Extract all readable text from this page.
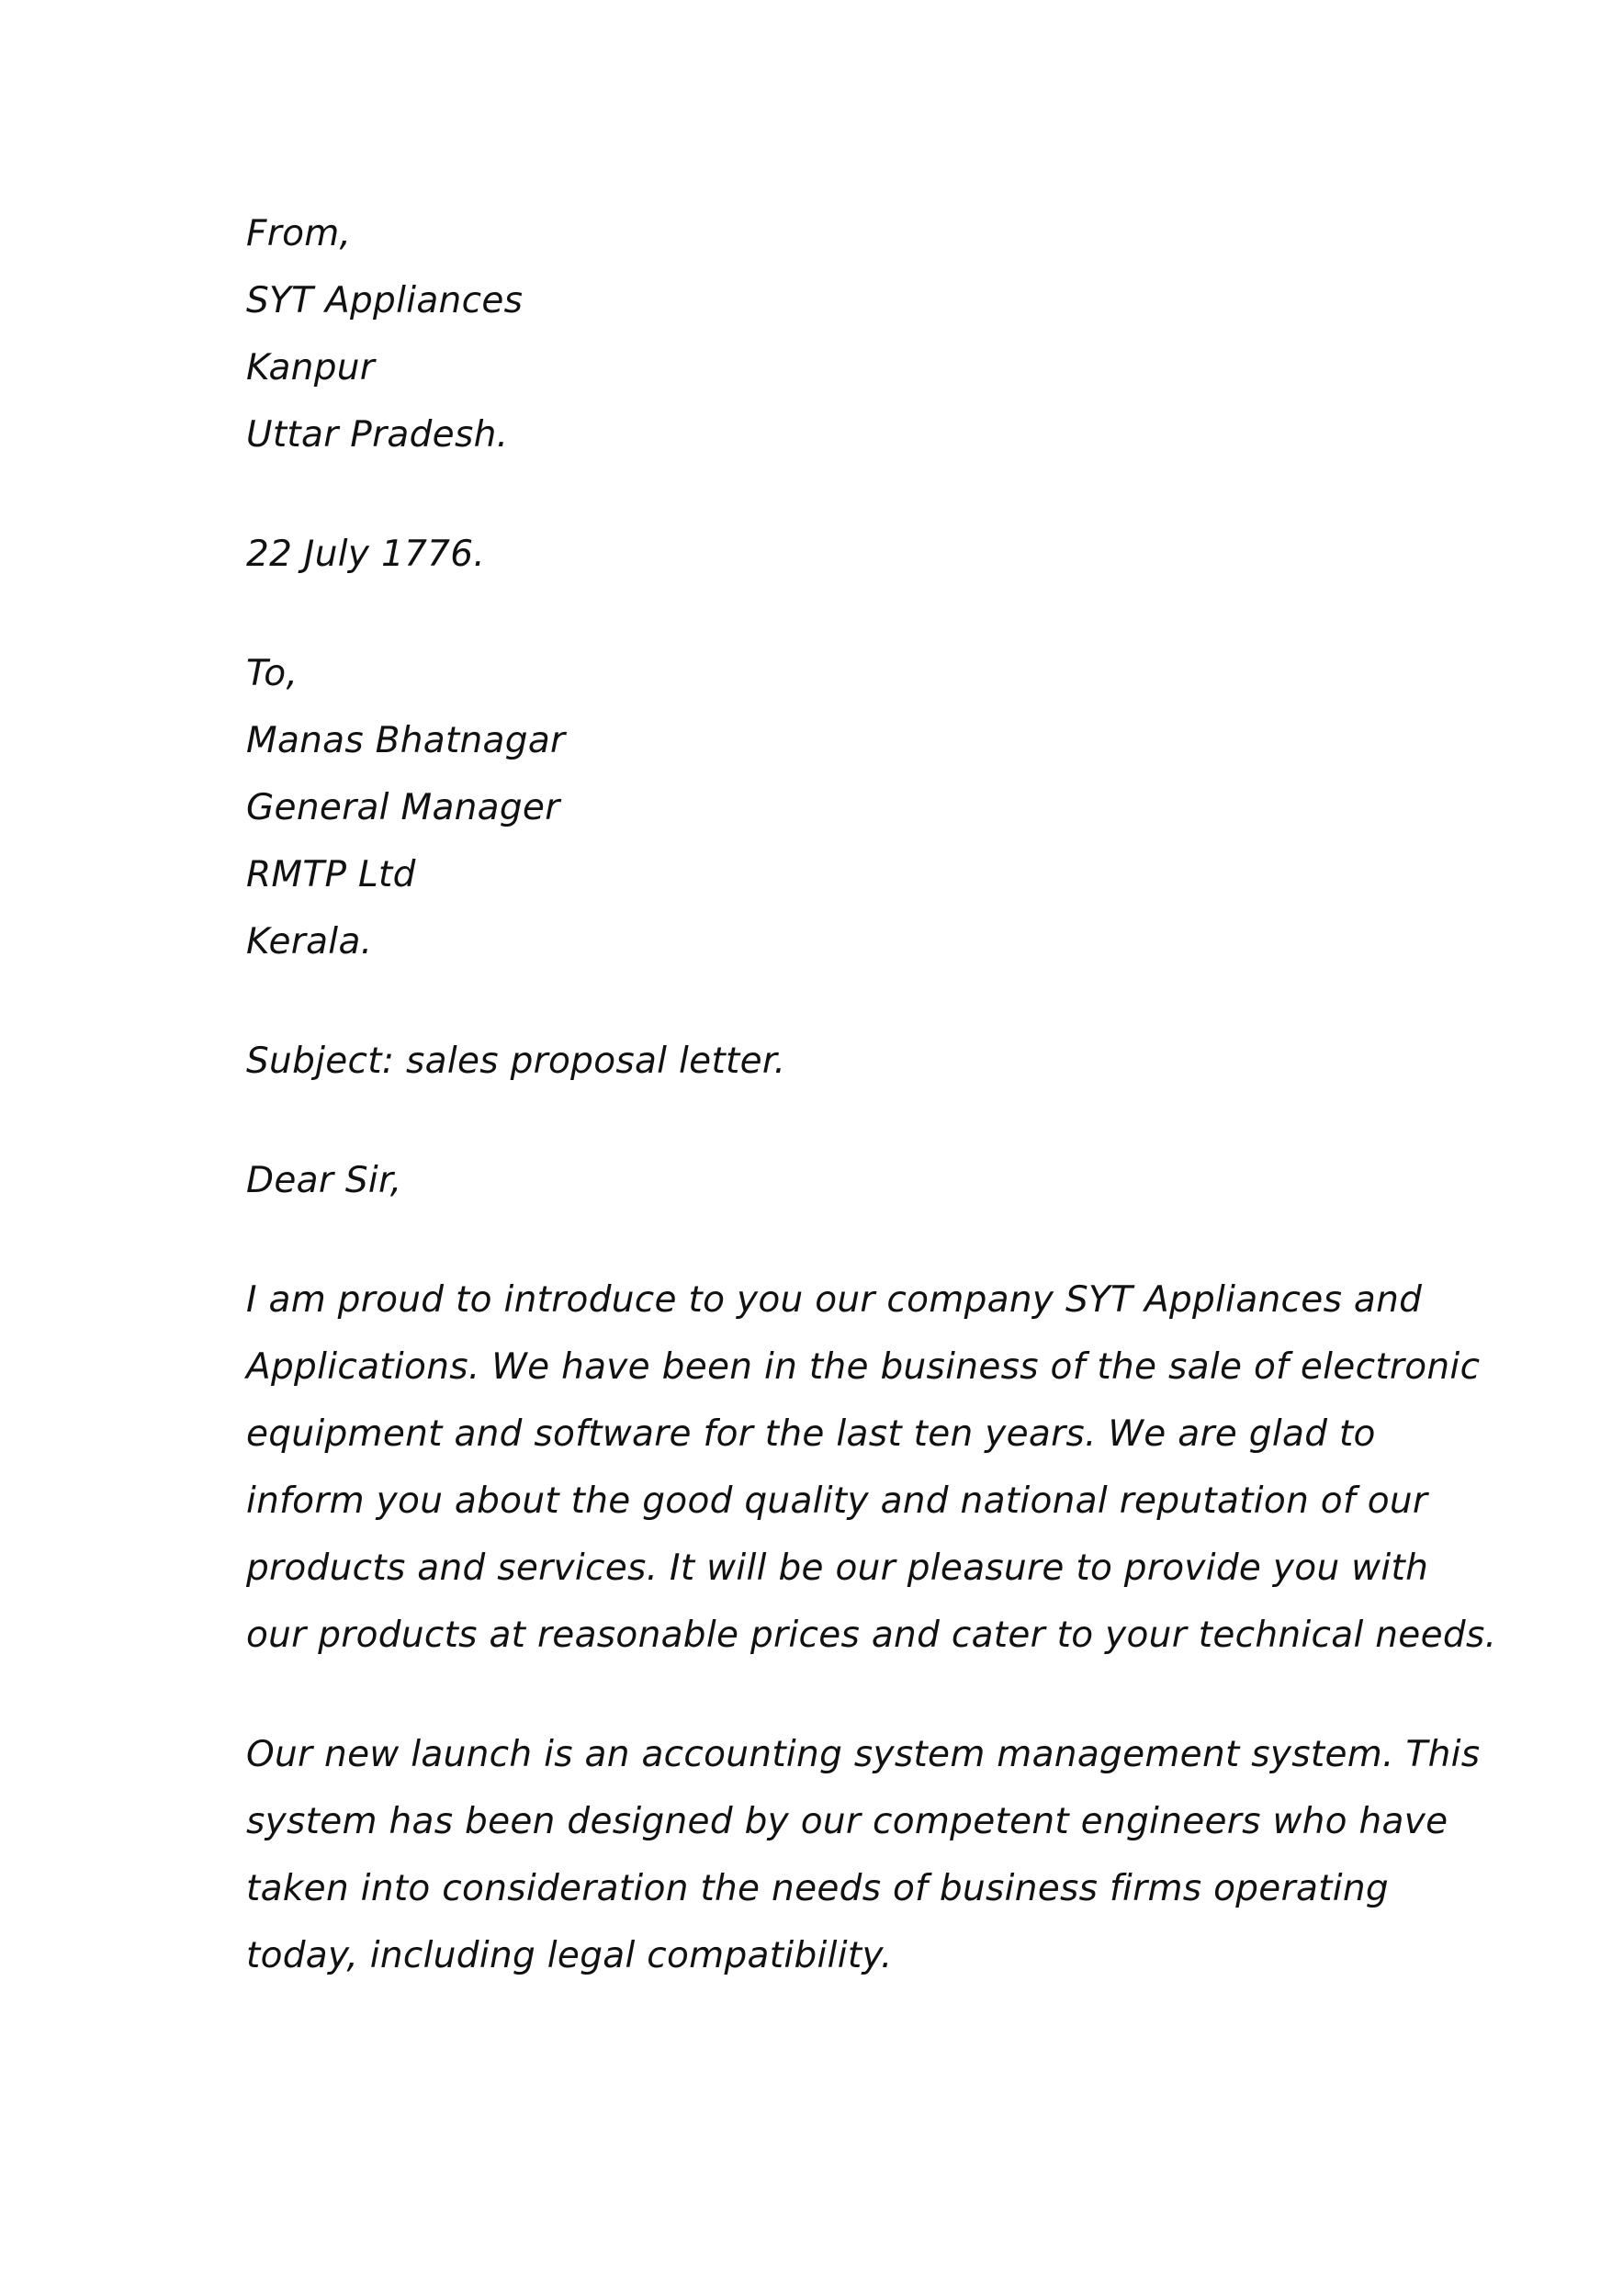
From,
SYT Appliances
Kanpur
Uttar Pradesh.
22 July 1776.
To,
Manas Bhatnagar
General Manager
RMTP Ltd
Kerala.
Subject: sales proposal letter.
Dear Sir,
I am proud to introduce to you our company SYT Appliances and
Applications. We have been in the business of the sale of electronic
equipment and software for the last ten years. We are glad to
inform you about the good quality and national reputation of our
products and services. It will be our pleasure to provide you with
our products at reasonable prices and cater to your technical needs.
Our new launch is an accounting system management system. This
system has been designed by our competent engineers who have
taken into consideration the needs of business firms operating
today, including legal compatibility.
